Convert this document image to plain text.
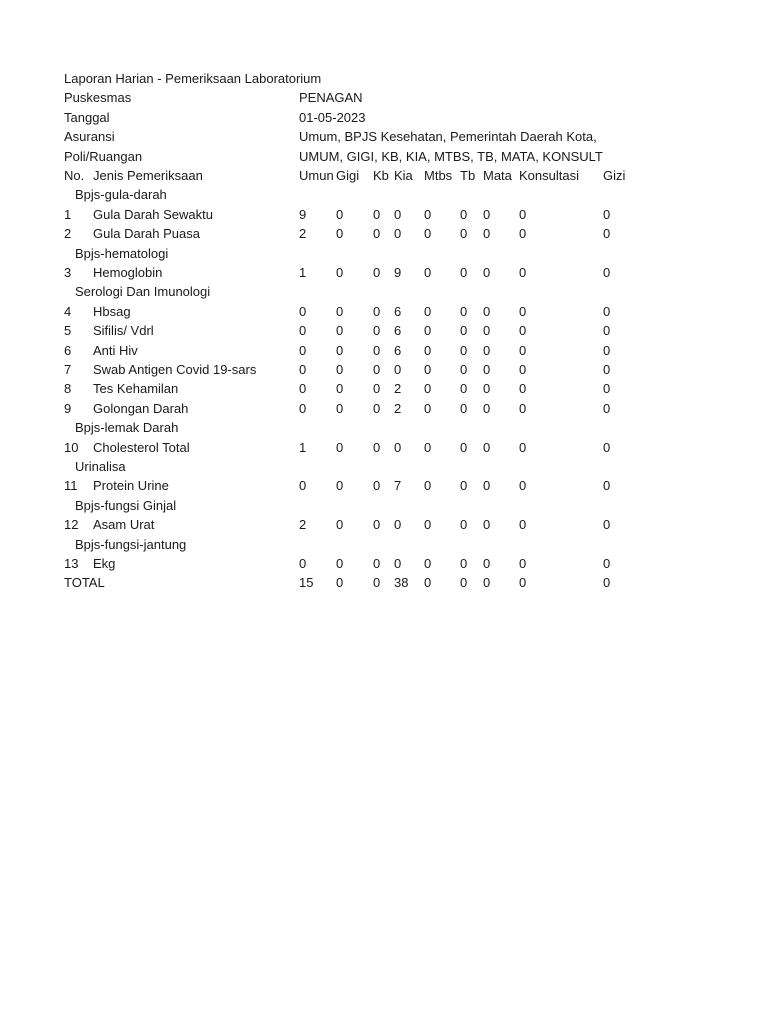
Laporan Harian - Pemeriksaan Laboratorium
Puskesmas	PENAGAN
Tanggal	01-05-2023
Asuransi	Umum, BPJS Kesehatan, Pemerintah Daerah Kota,
Poli/Ruangan	UMUM, GIGI, KB, KIA, MTBS, TB, MATA, KONSULT
No. Jenis Pemeriksaan	Umun Gigi Kb Kia Mtbs Tb Mata Konsultasi Gizi
Bpjs-gula-darah
1 Gula Darah Sewaktu	9 0 0 0 0 0 0 0	0
2 Gula Darah Puasa	2 0 0 0 0 0 0 0	0
Bpjs-hematologi
3 Hemoglobin	1 0 0 9 0 0 0 0	0
Serologi Dan Imunologi
4 Hbsag	0 0 0 6 0 0 0 0	0
5 Sifilis/ Vdrl	0 0 0 6 0 0 0 0	0
6 Anti Hiv	0 0 0 6 0 0 0 0	0
7 Swab Antigen Covid 19-sars	0 0 0 0 0 0 0 0	0
8 Tes Kehamilan	0 0 0 2 0 0 0 0	0
9 Golongan Darah	0 0 0 2 0 0 0 0	0
Bpjs-lemak Darah
10 Cholesterol Total	1 0 0 0 0 0 0 0	0
Urinalisa
11 Protein Urine	0 0 0 7 0 0 0 0	0
Bpjs-fungsi Ginjal
12 Asam Urat	2 0 0 0 0 0 0 0	0
Bpjs-fungsi-jantung
13 Ekg	0 0 0 0 0 0 0 0	0
TOTAL	15 0 0 38 0 0 0 0	0
